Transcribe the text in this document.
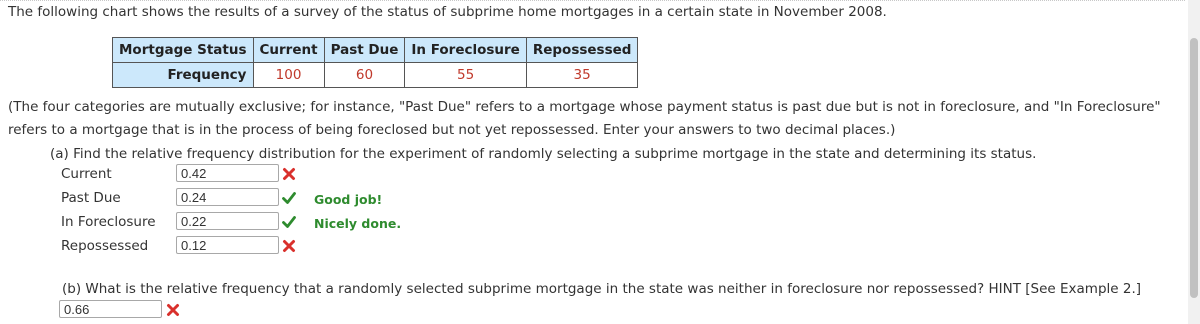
The following chart shows the results of a survey of the status of subprime home mortgages in a certain state in November 2008.
Mortgage Status	Current	Past Due	In Foreclosure	Repossessed
Frequency	100	60	55	35
(The four categories are mutually exclusive; for instance, "Past Due" refers to a mortgage whose payment status is past due but is not in foreclosure, and "In Foreclosure" refers to a mortgage that is in the process of being foreclosed but not yet repossessed. Enter your answers to two decimal places.)
(a) Find the relative frequency distribution for the experiment of randomly selecting a subprime mortgage in the state and determining its status.
Current
0.42
Past Due
0.24	Good job!
In Foreclosure
0.22	Nicely done.
Repossessed
0.12
(b) What is the relative frequency that a randomly selected subprime mortgage in the state was neither in foreclosure nor repossessed? HINT [See Example 2.]
0.66
